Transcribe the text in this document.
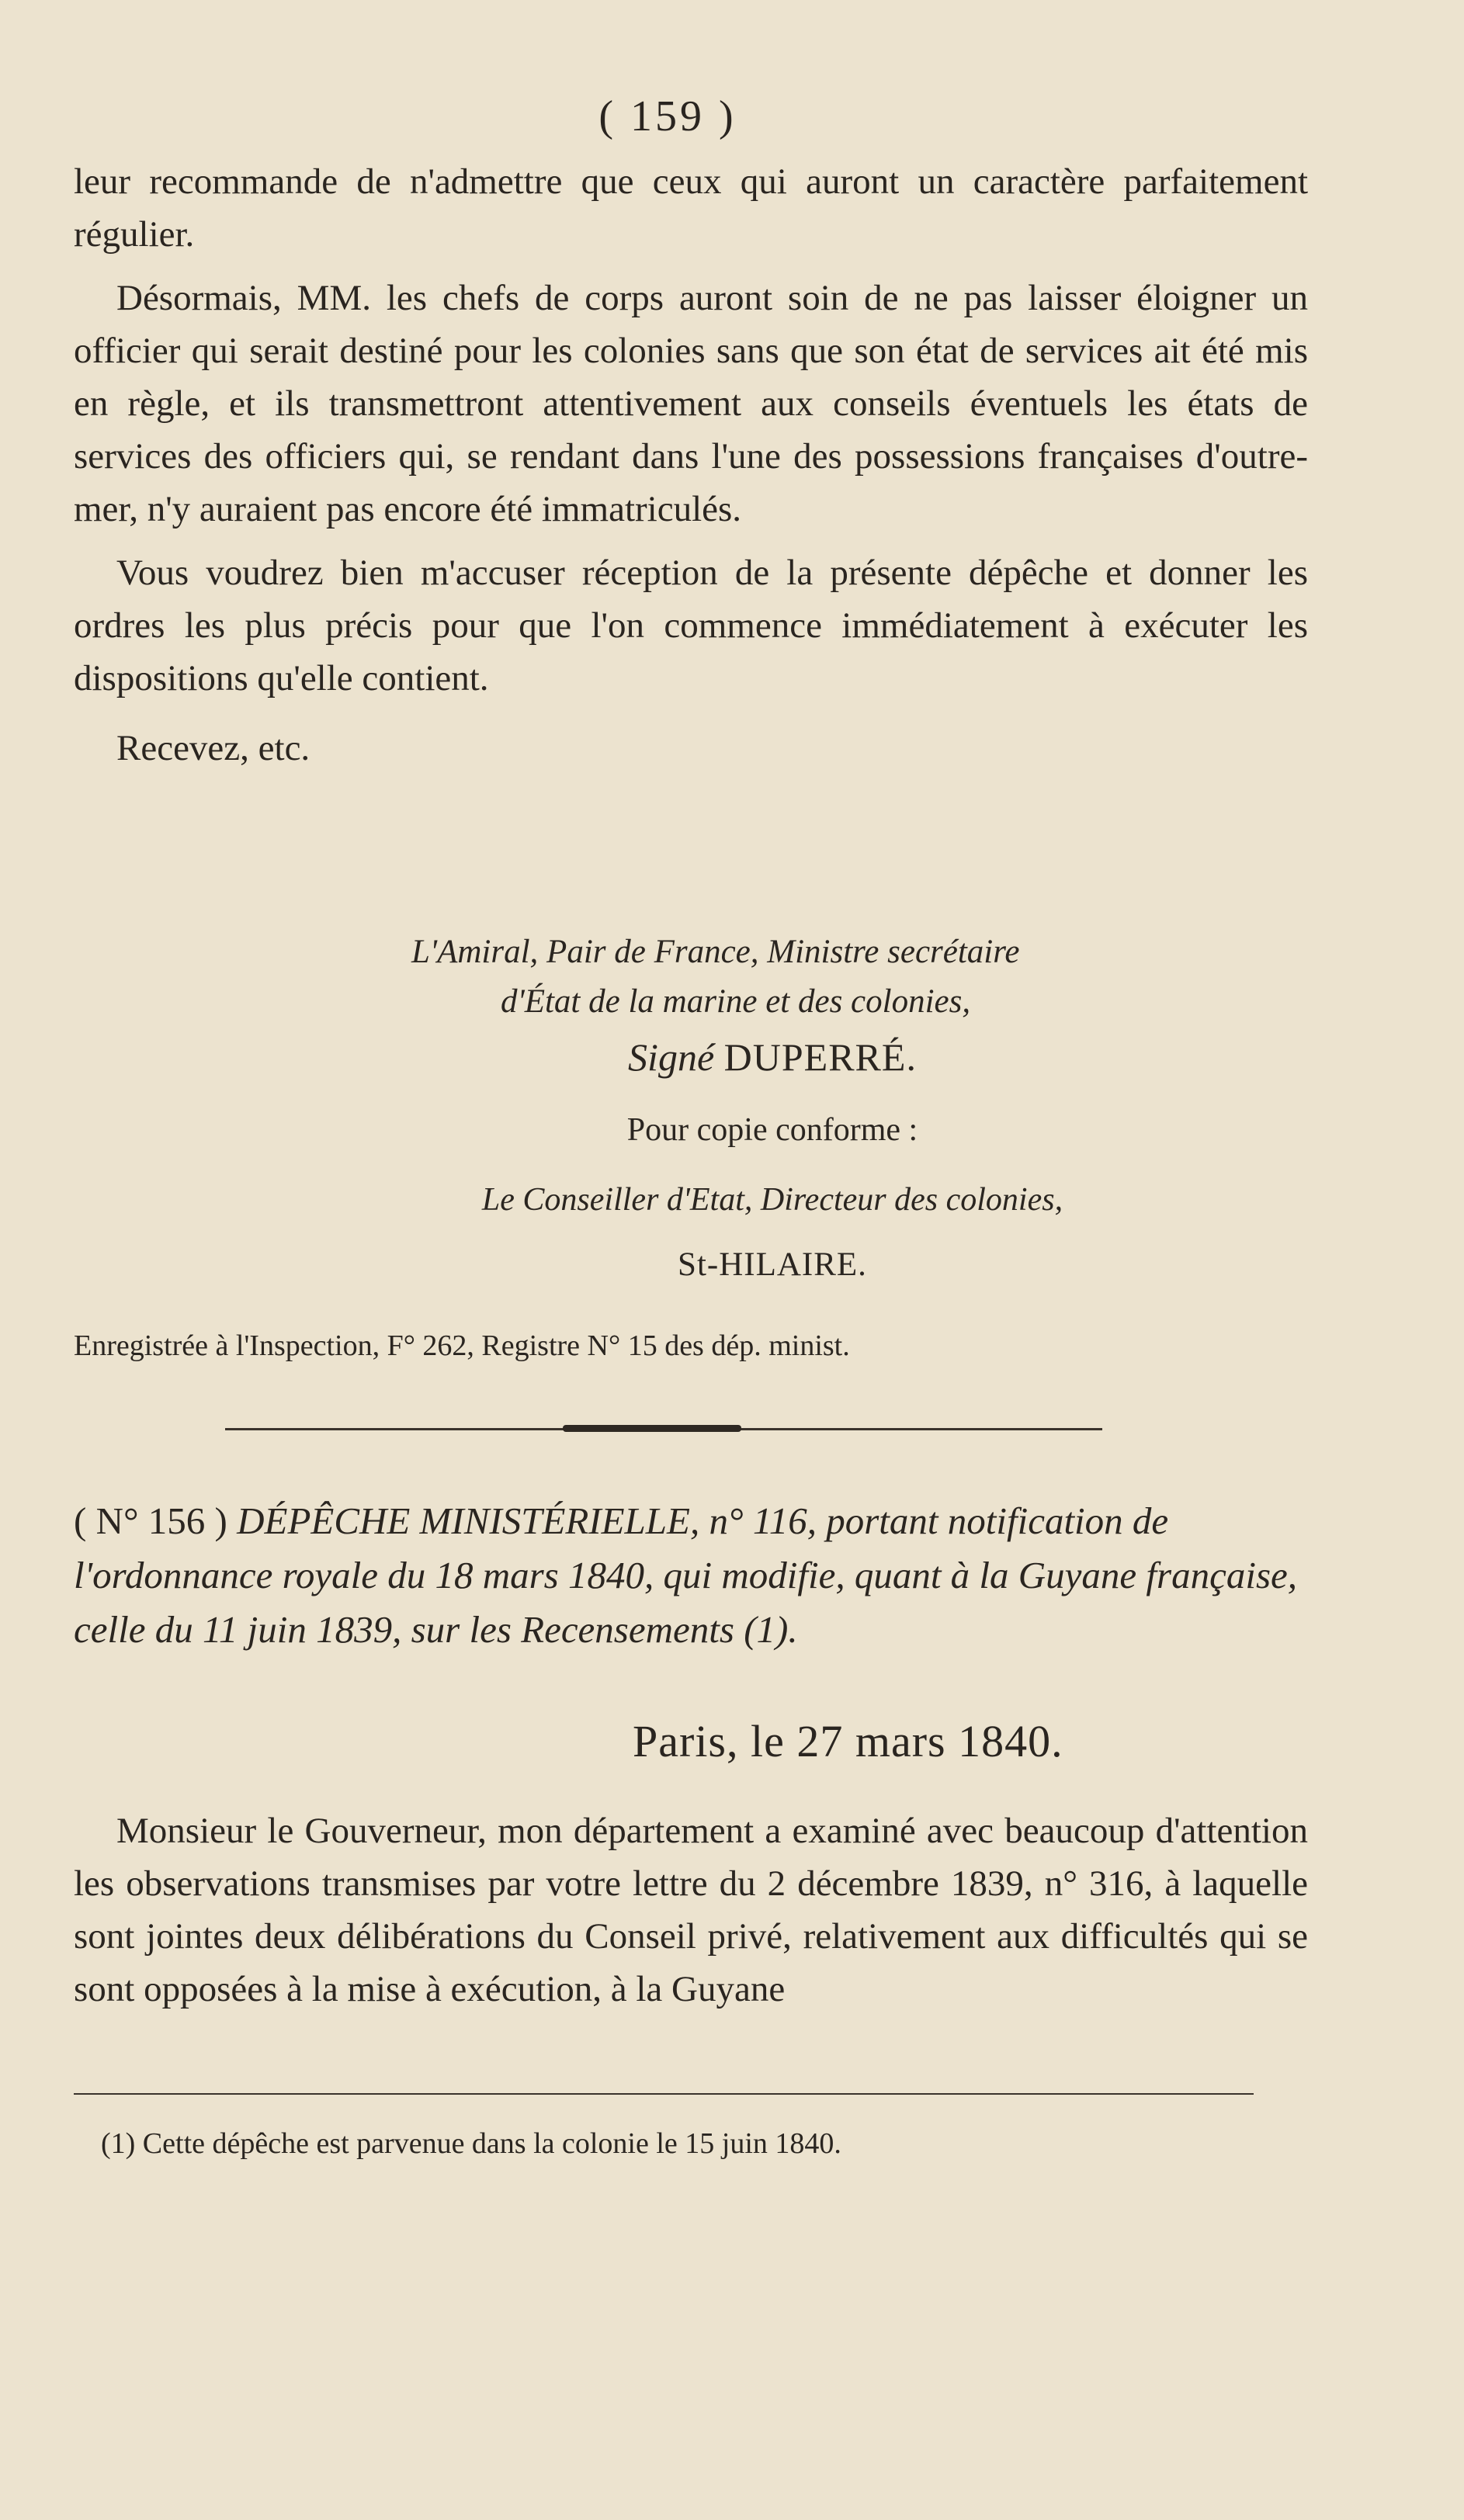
( 159 )

leur recommande de n'admettre que ceux qui auront un caractère parfaitement régulier.

Désormais, MM. les chefs de corps auront soin de ne pas laisser éloigner un officier qui serait destiné pour les colonies sans que son état de services ait été mis en règle, et ils transmettront attentivement aux conseils éventuels les états de services des officiers qui, se rendant dans l'une des possessions françaises d'outre-mer, n'y auraient pas encore été immatriculés.

Vous voudrez bien m'accuser réception de la présente dépêche et donner les ordres les plus précis pour que l'on commence immédiatement à exécuter les dispositions qu'elle contient.

Recevez, etc.

L'Amiral, Pair de France, Ministre secrétaire
d'État de la marine et des colonies,
Signé DUPERRÉ.
Pour copie conforme :
Le Conseiller d'Etat, Directeur des colonies,
St-HILAIRE.
Enregistrée à l'Inspection, F° 262, Registre N° 15 des dép. minist.
( N° 156 ) DÉPÊCHE MINISTÉRIELLE, n° 116, portant notification de l'ordonnance royale du 18 mars 1840, qui modifie, quant à la Guyane française, celle du 11 juin 1839, sur les Recensements (1).
Paris, le 27 mars 1840.

Monsieur le Gouverneur, mon département a examiné avec beaucoup d'attention les observations transmises par votre lettre du 2 décembre 1839, n° 316, à laquelle sont jointes deux délibérations du Conseil privé, relativement aux difficultés qui se sont opposées à la mise à exécution, à la Guyane

(1) Cette dépêche est parvenue dans la colonie le 15 juin 1840.
